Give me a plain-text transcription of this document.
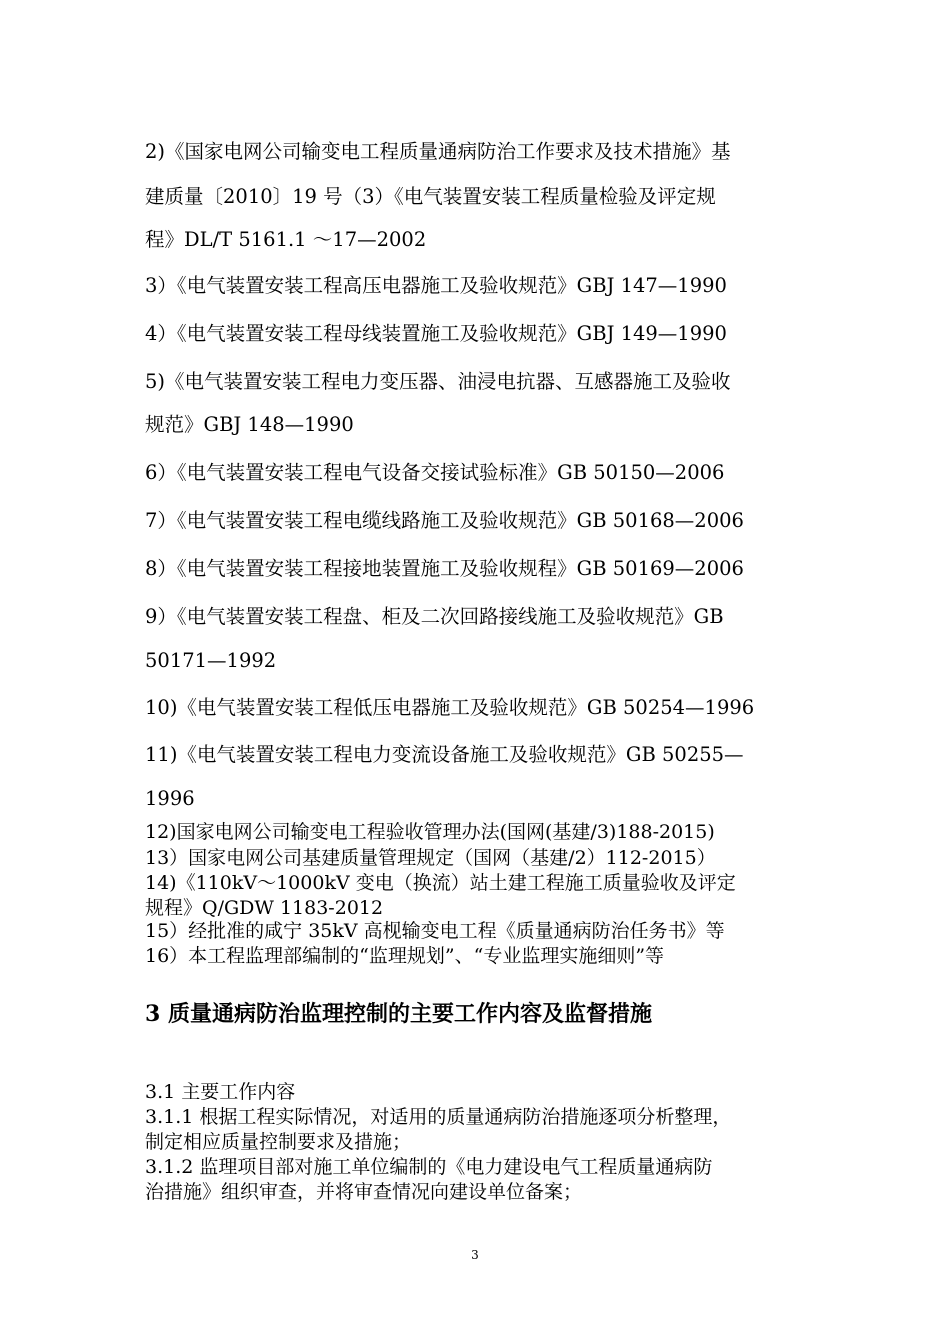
2)《国家电网公司输变电工程质量通病防治工作要求及技术措施》基
建质量〔2010〕19 号（3）《电气装置安装工程质量检验及评定规
程》DL/T 5161.1 ～17—2002
3）《电气装置安装工程高压电器施工及验收规范》GBJ 147—1990
4）《电气装置安装工程母线装置施工及验收规范》GBJ 149—1990
5)《电气装置安装工程电力变压器、油浸电抗器、互感器施工及验收
规范》GBJ 148—1990
6）《电气装置安装工程电气设备交接试验标准》GB 50150—2006
7）《电气装置安装工程电缆线路施工及验收规范》GB 50168—2006
8）《电气装置安装工程接地装置施工及验收规程》GB 50169—2006
9）《电气装置安装工程盘、柜及二次回路接线施工及验收规范》GB
50171—1992
10)《电气装置安装工程低压电器施工及验收规范》GB 50254—1996
11)《电气装置安装工程电力变流设备施工及验收规范》GB 50255—
1996
12)国家电网公司输变电工程验收管理办法(国网(基建/3)188-2015)
13）国家电网公司基建质量管理规定（国网（基建/2）112-2015）
14)《110kV～1000kV 变电（换流）站土建工程施工质量验收及评定
规程》Q/GDW 1183-2012
15）经批准的咸宁 35kV 高枧输变电工程《质量通病防治任务书》等
16）本工程监理部编制的“监理规划”、“专业监理实施细则”等
3 质量通病防治监理控制的主要工作内容及监督措施
3.1 主要工作内容
3.1.1 根据工程实际情况，对适用的质量通病防治措施逐项分析整理，
制定相应质量控制要求及措施；
3.1.2 监理项目部对施工单位编制的《电力建设电气工程质量通病防
治措施》组织审查，并将审查情况向建设单位备案；
3
